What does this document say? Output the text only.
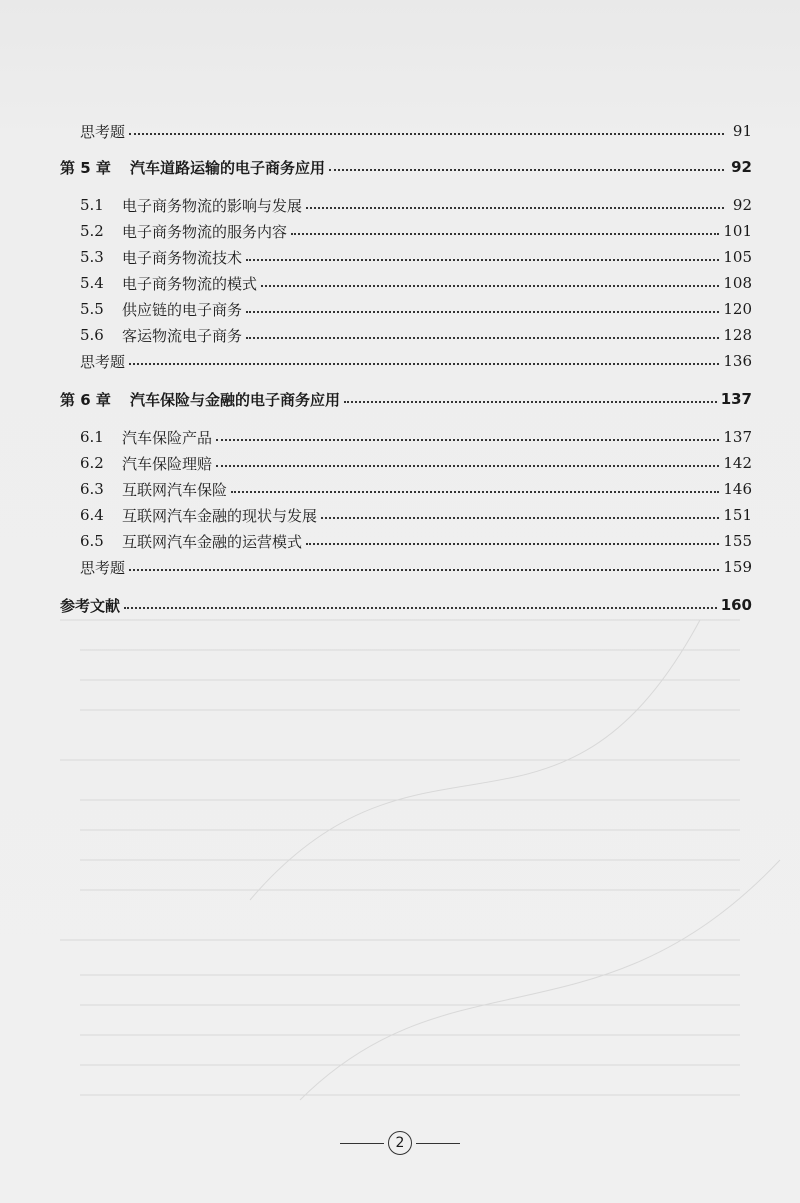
思考题	91
第 5 章	汽车道路运输的电子商务应用	92
5.1	电子商务物流的影响与发展	92
5.2	电子商务物流的服务内容	101
5.3	电子商务物流技术	105
5.4	电子商务物流的模式	108
5.5	供应链的电子商务	120
5.6	客运物流电子商务	128
思考题	136
第 6 章	汽车保险与金融的电子商务应用	137
6.1	汽车保险产品	137
6.2	汽车保险理赔	142
6.3	互联网汽车保险	146
6.4	互联网汽车金融的现状与发展	151
6.5	互联网汽车金融的运营模式	155
思考题	159
参考文献	160
2
